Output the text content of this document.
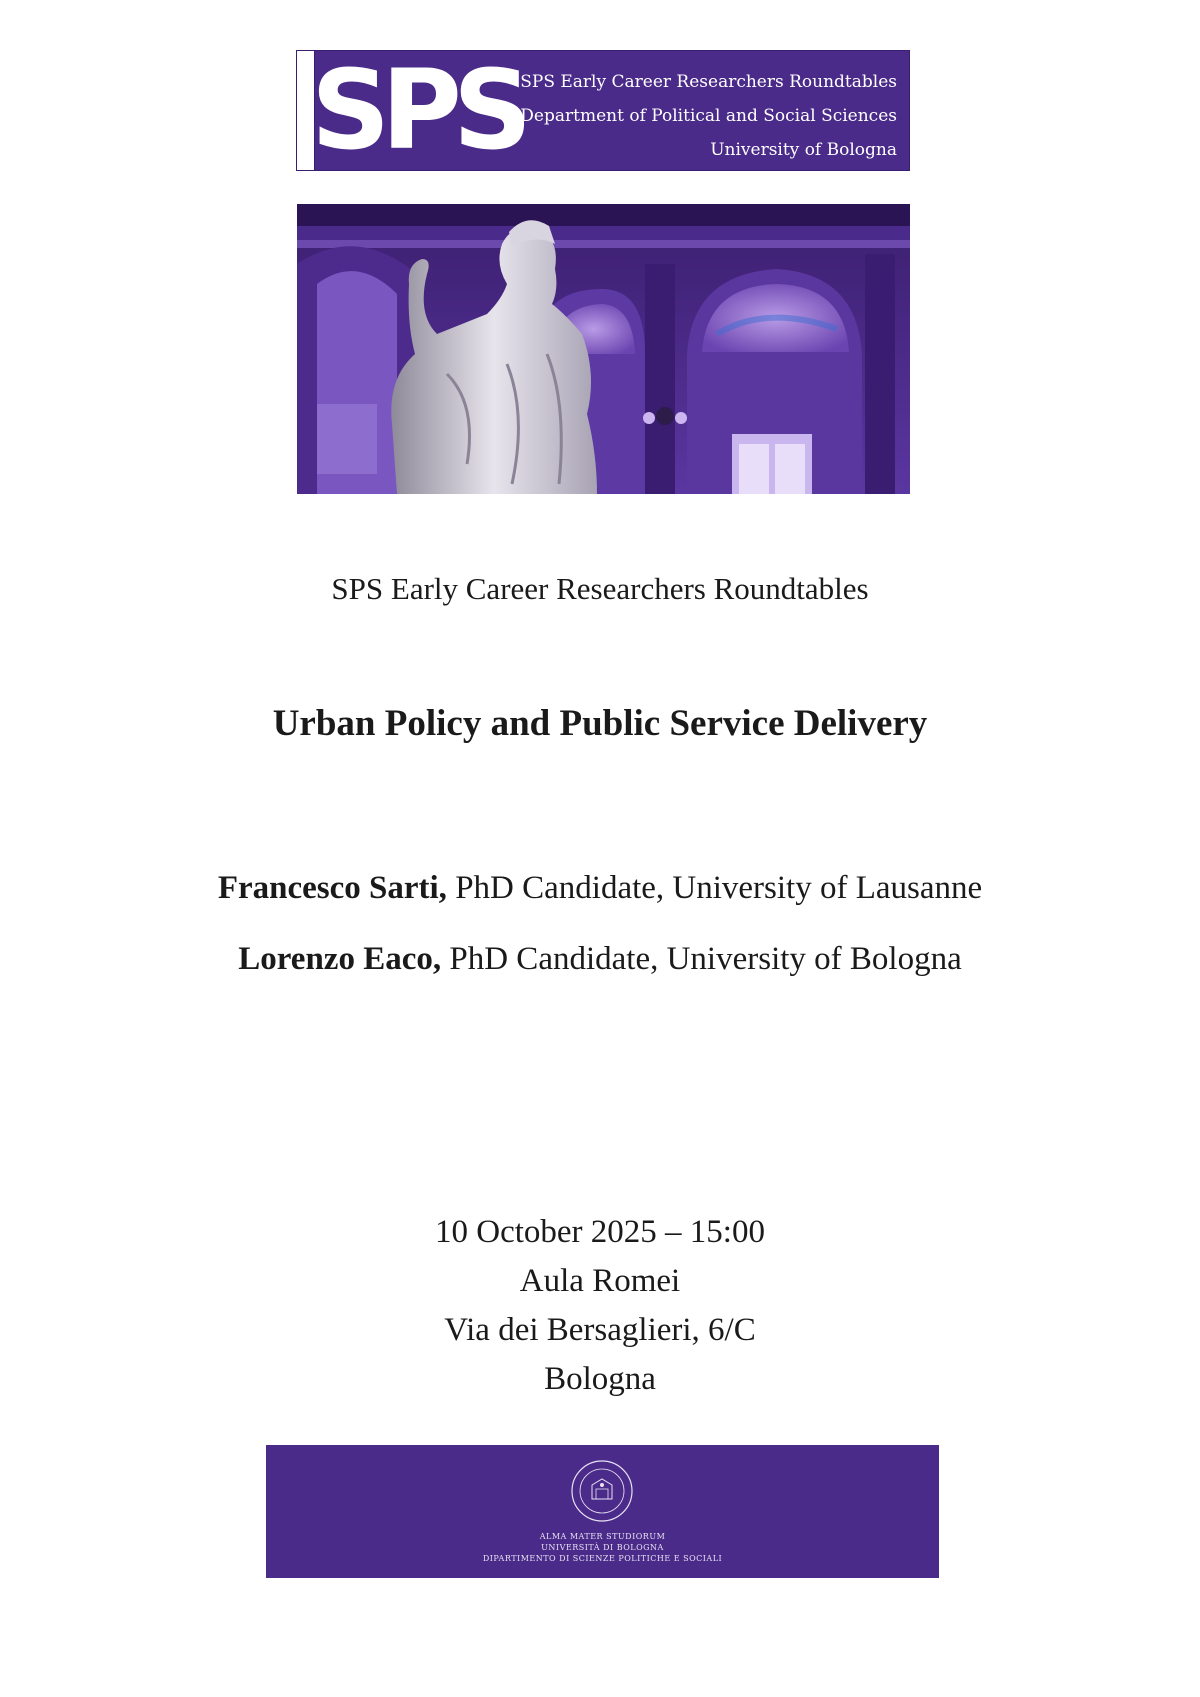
SPS
SPS Early Career Researchers Roundtables
Department of Political and Social Sciences
University of Bologna
SPS Early Career Researchers Roundtables
Urban Policy and Public Service Delivery
Francesco Sarti, PhD Candidate, University of Lausanne
Lorenzo Eaco, PhD Candidate, University of Bologna
10 October 2025 – 15:00
Aula Romei
Via dei Bersaglieri, 6/C
Bologna
ALMA MATER STUDIORUM
UNIVERSITÀ DI BOLOGNA
DIPARTIMENTO DI SCIENZE POLITICHE E SOCIALI
